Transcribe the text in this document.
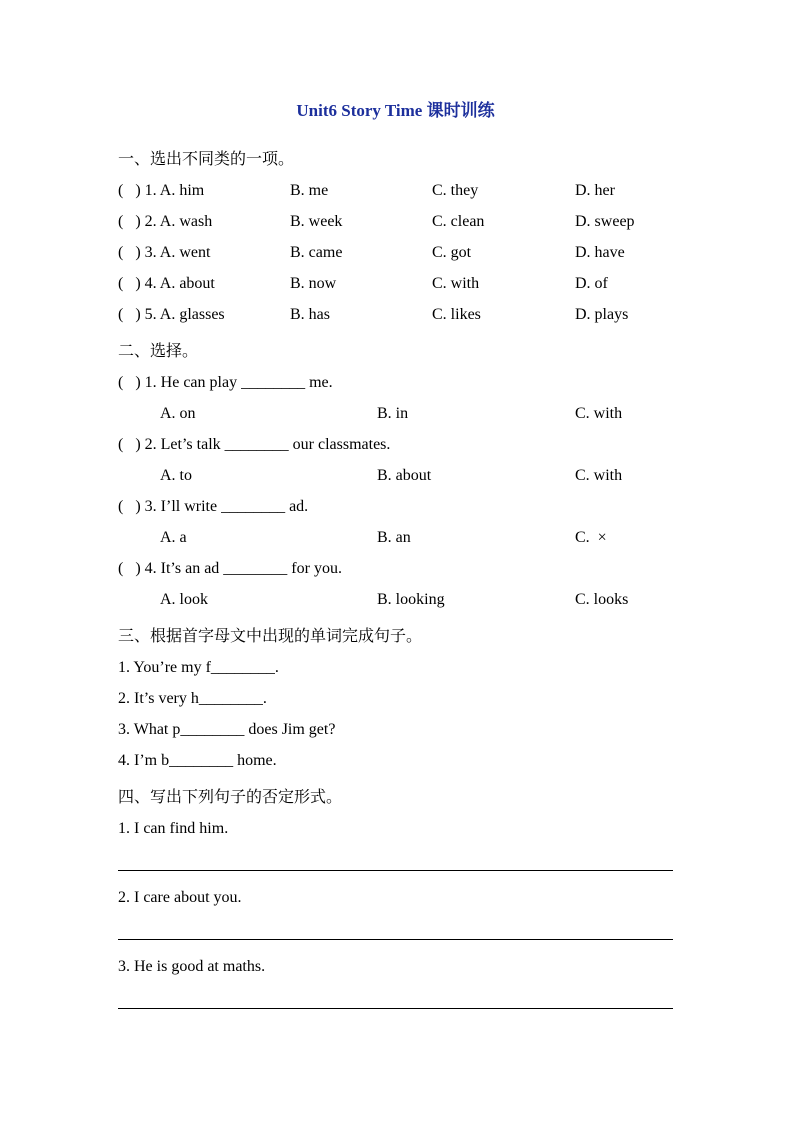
Unit6 Story Time 课时训练
一、选出不同类的一项。
(   ) 1. A. him	B. me	C. they	D. her
(   ) 2. A. wash	B. week	C. clean	D. sweep
(   ) 3. A. went	B. came	C. got	D. have
(   ) 4. A. about	B. now	C. with	D. of
(   ) 5. A. glasses	B. has	C. likes	D. plays
二、选择。
(   ) 1. He can play ________ me.
A. on	B. in	C. with
(   ) 2. Let’s talk ________ our classmates.
A. to	B. about	C. with
(   ) 3. I’ll write ________ ad.
A. a	B. an	C.  ×
(   ) 4. It’s an ad ________ for you.
A. look	B. looking	C. looks
三、根据首字母文中出现的单词完成句子。
1. You’re my f________.
2. It’s very h________.
3. What p________ does Jim get?
4. I’m b________ home.
四、写出下列句子的否定形式。
1. I can find him.
2. I care about you.
3. He is good at maths.
